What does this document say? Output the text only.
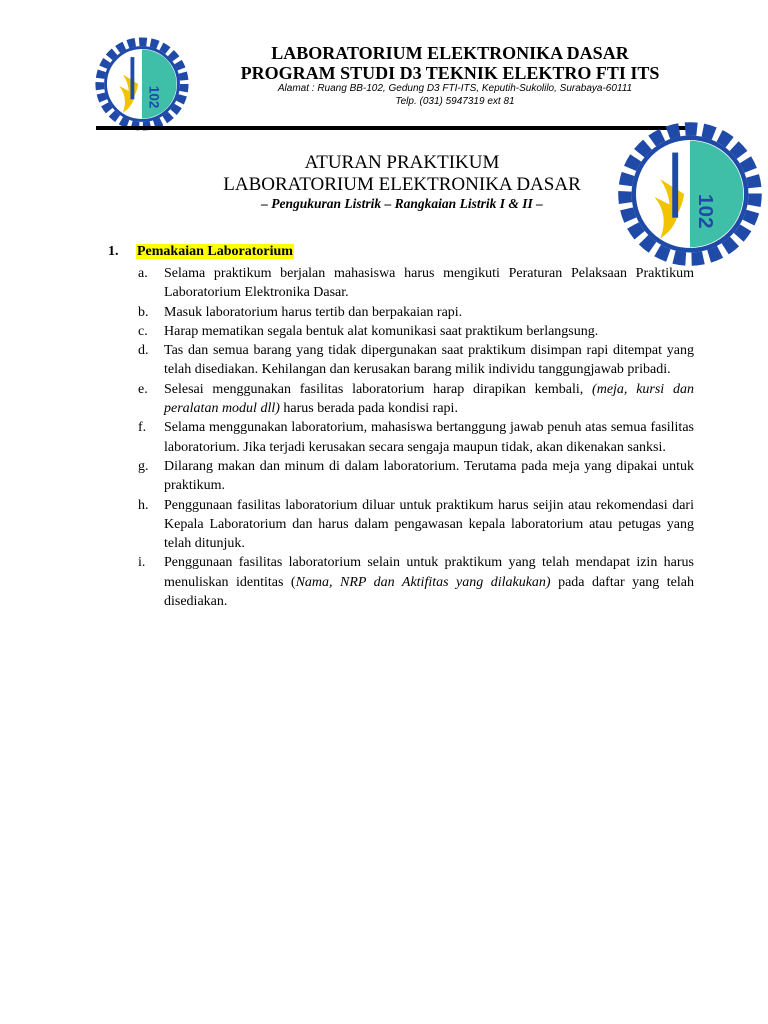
102
LABORATORIUM ELEKTRONIKA DASAR
PROGRAM STUDI D3 TEKNIK ELEKTRO FTI ITS
Alamat : Ruang BB-102, Gedung D3 FTI-ITS, Keputih-Sukolilo, Surabaya-60111
Telp. (031) 5947319 ext 81
102
ATURAN PRAKTIKUM
LABORATORIUM ELEKTRONIKA DASAR
– Pengukuran Listrik – Rangkaian Listrik I & II –
1. Pemakaian Laboratorium
a.	Selama praktikum berjalan mahasiswa harus mengikuti Peraturan Pelaksaan Praktikum Laboratorium Elektronika Dasar.
b.	Masuk laboratorium harus tertib dan berpakaian rapi.
c.	Harap mematikan segala bentuk alat komunikasi saat praktikum berlangsung.
d.	Tas dan semua barang yang tidak dipergunakan saat praktikum disimpan rapi ditempat yang telah disediakan. Kehilangan dan kerusakan barang milik individu tanggungjawab pribadi.
e.	Selesai menggunakan fasilitas laboratorium harap dirapikan kembali, (meja, kursi dan peralatan modul dll) harus berada pada kondisi rapi.
f.	Selama menggunakan laboratorium, mahasiswa bertanggung jawab penuh atas semua fasilitas laboratorium. Jika terjadi kerusakan secara sengaja maupun tidak, akan dikenakan sanksi.
g.	Dilarang makan dan minum di dalam laboratorium. Terutama pada meja yang dipakai untuk praktikum.
h.	Penggunaan fasilitas laboratorium diluar untuk praktikum harus seijin atau rekomendasi dari Kepala Laboratorium dan harus dalam pengawasan kepala laboratorium atau petugas yang telah ditunjuk.
i.	Penggunaan fasilitas laboratorium selain untuk praktikum yang telah mendapat izin harus menuliskan identitas (Nama, NRP dan Aktifitas yang dilakukan) pada daftar yang telah disediakan.
